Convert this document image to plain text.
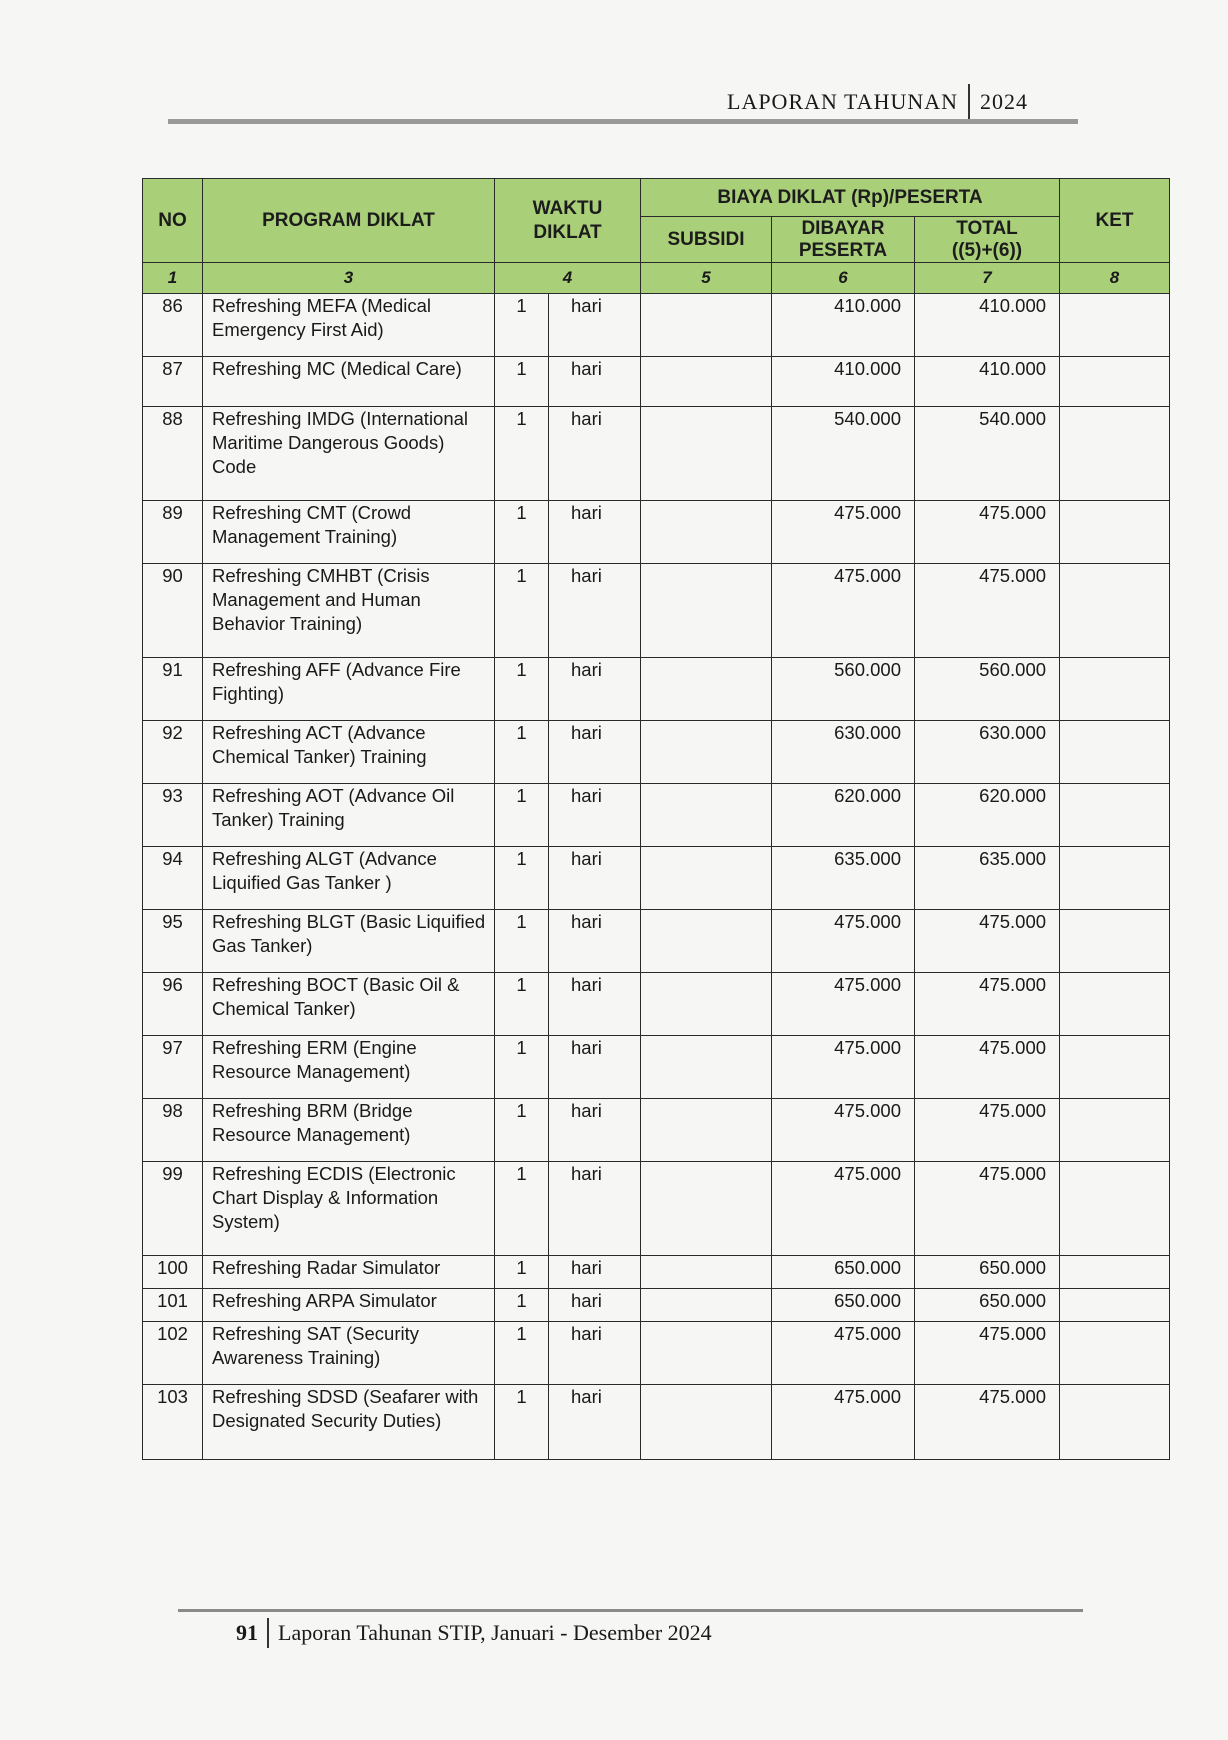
LAPORAN TAHUNAN 2024
NO	PROGRAM DIKLAT	WAKTU DIKLAT		BIAYA DIKLAT (Rp)/PESERTA			KET
				SUBSIDI	DIBAYAR PESERTA	TOTAL ((5)+(6))	
1	3	4		5	6	7	8
86	Refreshing MEFA (Medical Emergency First Aid)	1	hari		410.000	410.000	
87	Refreshing MC (Medical Care)	1	hari		410.000	410.000	
88	Refreshing IMDG (International Maritime Dangerous Goods) Code	1	hari		540.000	540.000	
89	Refreshing CMT (Crowd Management Training)	1	hari		475.000	475.000	
90	Refreshing CMHBT (Crisis Management and Human Behavior Training)	1	hari		475.000	475.000	
91	Refreshing AFF (Advance Fire Fighting)	1	hari		560.000	560.000	
92	Refreshing ACT (Advance Chemical Tanker) Training	1	hari		630.000	630.000	
93	Refreshing AOT (Advance Oil Tanker) Training	1	hari		620.000	620.000	
94	Refreshing ALGT (Advance Liquified Gas Tanker )	1	hari		635.000	635.000	
95	Refreshing BLGT (Basic Liquified Gas Tanker)	1	hari		475.000	475.000	
96	Refreshing BOCT (Basic Oil & Chemical Tanker)	1	hari		475.000	475.000	
97	Refreshing ERM (Engine Resource Management)	1	hari		475.000	475.000	
98	Refreshing BRM (Bridge Resource Management)	1	hari		475.000	475.000	
99	Refreshing ECDIS (Electronic Chart Display & Information System)	1	hari		475.000	475.000	
100	Refreshing Radar Simulator	1	hari		650.000	650.000	
101	Refreshing ARPA Simulator	1	hari		650.000	650.000	
102	Refreshing SAT (Security Awareness Training)	1	hari		475.000	475.000	
103	Refreshing SDSD (Seafarer with Designated Security Duties)	1	hari		475.000	475.000	
91 Laporan Tahunan STIP, Januari - Desember 2024
